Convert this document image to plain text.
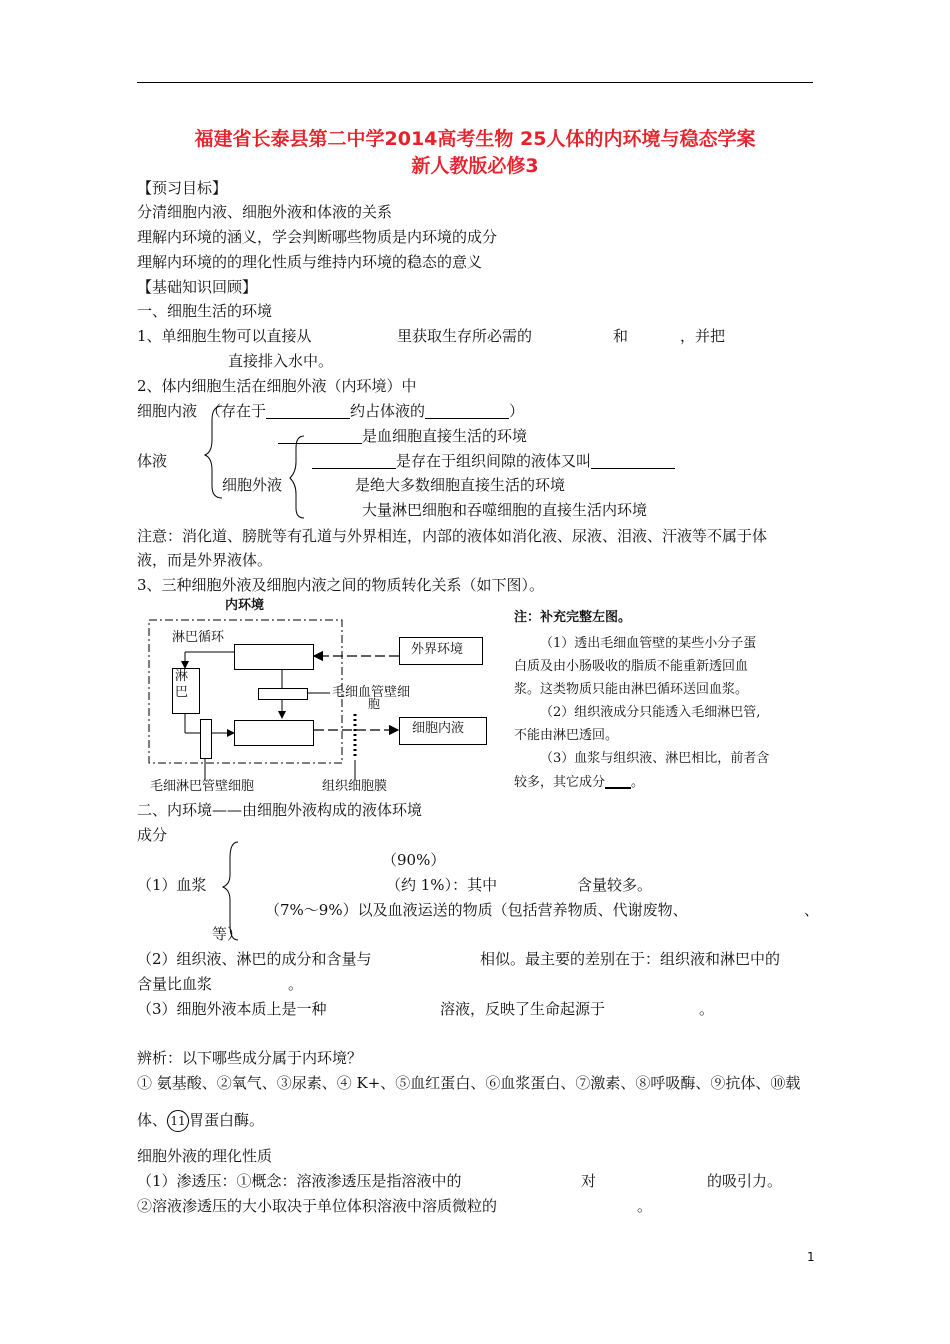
福建省长泰县第二中学2014高考生物 25人体的内环境与稳态学案
新人教版必修3
【预习目标】
分清细胞内液、细胞外液和体液的关系
理解内环境的涵义，学会判断哪些物质是内环境的成分
理解内环境的的理化性质与维持内环境的稳态的意义
【基础知识回顾】
一、细胞生活的环境
1、单细胞生物可以直接从	里获取生存所必需的	和	，并把
直接排入水中。
2、体内细胞生活在细胞外液（内环境）中
细胞内液 （存在于	约占体液的	）
是血细胞直接生活的环境
体液	是存在于组织间隙的液体又叫
细胞外液	是绝大多数细胞直接生活的环境
大量淋巴细胞和吞噬细胞的直接生活内环境
注意：消化道、膀胱等有孔道与外界相连，内部的液体如消化液、尿液、泪液、汗液等不属于体
液，而是外界液体。
3、三种细胞外液及细胞内液之间的物质转化关系（如下图）。
内环境
淋巴循环
外界环境
淋
巴	毛细血管壁细
胞
细胞内液
毛细淋巴管壁细胞	组织细胞膜
注：补充完整左图。
（1）透出毛细血管壁的某些小分子蛋
白质及由小肠吸收的脂质不能重新透回血
浆。这类物质只能由淋巴循环送回血浆。
（2）组织液成分只能透入毛细淋巴管,
不能由淋巴透回。
（3）血浆与组织液、淋巴相比，前者含
较多，其它成分 。
二、内环境——由细胞外液构成的液体环境
成分
（90%）
（1）血浆	（约 1%）：其中	含量较多。
（7%～9%）以及血液运送的物质（包括营养物质、代谢废物、	、
等）
（2）组织液、淋巴的成分和含量与	相似。最主要的差别在于：组织液和淋巴中的
含量比血浆	。
（3）细胞外液本质上是一种	溶液，反映了生命起源于	。
辨析：以下哪些成分属于内环境？
① 氨基酸、②氧气、③尿素、④ K+、⑤血红蛋白、⑥血浆蛋白、⑦激素、⑧呼吸酶、⑨抗体、⑩载
体、 11 胃蛋白酶。
细胞外液的理化性质
（1）渗透压：①概念：溶液渗透压是指溶液中的	对	的吸引力。
②溶液渗透压的大小取决于单位体积溶液中溶质微粒的	。
1
